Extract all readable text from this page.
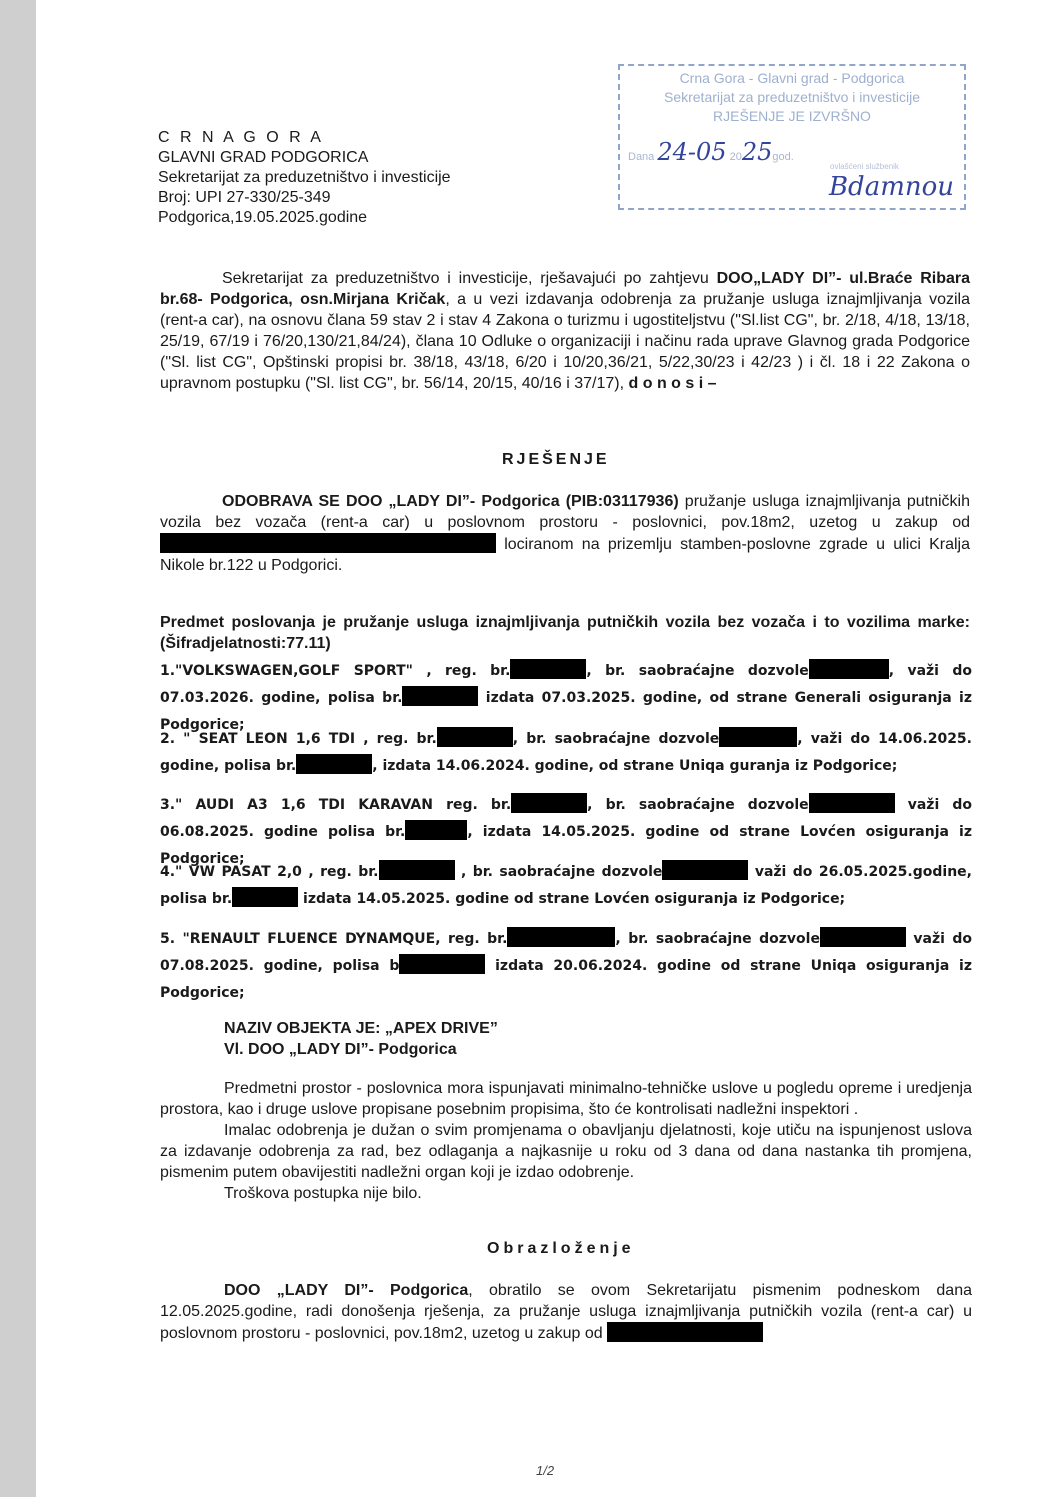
C R N A G O R A
GLAVNI GRAD PODGORICA
Sekretarijat za preduzetništvo i investicije
Broj: UPI 27-330/25-349
Podgorica,19.05.2025.godine
Crna Gora - Glavni grad - Podgorica
Sekretarijat za preduzetništvo i investicije
RJEŠENJE JE IZVRŠNO
Dana 24-05 2025god.
ovlašćeni službenik
Bdamnou
Sekretarijat za preduzetništvo i investicije, rješavajući po zahtjevu DOO„LADY DI”- ul.Braće Ribara br.68- Podgorica, osn.Mirjana Kričak, a u vezi izdavanja odobrenja za pružanje usluga iznajmljivanja vozila (rent-a car), na osnovu člana 59 stav 2 i stav 4 Zakona o turizmu i ugostiteljstvu ("Sl.list CG", br. 2/18, 4/18, 13/18, 25/19, 67/19 i 76/20,130/21,84/24), člana 10 Odluke o organizaciji i načinu rada uprave Glavnog grada Podgorice ("Sl. list CG", Opštinski propisi br. 38/18, 43/18, 6/20 i 10/20,36/21, 5/22,30/23 i 42/23 ) i čl. 18 i 22 Zakona o upravnom postupku ("Sl. list CG", br. 56/14, 20/15, 40/16 i 37/17), d o n o s i –
RJEŠENJE
ODOBRAVA SE DOO „LADY DI”- Podgorica (PIB:03117936) pružanje usluga iznajmljivanja putničkih vozila bez vozača (rent-a car) u poslovnom prostoru - poslovnici, pov.18m2, uzetog u zakup od  lociranom na prizemlju stamben-poslovne zgrade u ulici Kralja Nikole br.122 u Podgorici.
Predmet poslovanja je pružanje usluga iznajmljivanja putničkih vozila bez vozača i to vozilima marke:(Šifradjelatnosti:77.11)
1."VOLKSWAGEN,GOLF SPORT" , reg. br.	, br. saobraćajne dozvole	, važi do 07.03.2026. godine, polisa br.	izdata 07.03.2025. godine, od strane Generali osiguranja iz Podgorice;
2. " SEAT LEON 1,6 TDI , reg. br.	, br. saobraćajne dozvole	, važi do 14.06.2025. godine, polisa br.	, izdata 14.06.2024. godine, od strane Uniqa guranja iz Podgorice;
3." AUDI A3 1,6 TDI KARAVAN reg. br.	, br. saobraćajne dozvole	važi do 06.08.2025. godine polisa br.	, izdata 14.05.2025. godine od strane Lovćen osiguranja iz Podgorice;
4." VW PASAT 2,0 , reg. br.	, br. saobraćajne dozvole	važi do 26.05.2025.godine, polisa br.	izdata 14.05.2025. godine od strane Lovćen osiguranja iz Podgorice;
5. "RENAULT FLUENCE DYNAMQUE, reg. br.	, br. saobraćajne dozvole	važi do 07.08.2025. godine, polisa b	izdata 20.06.2024. godine od strane Uniqa osiguranja iz Podgorice;
NAZIV OBJEKTA JE: „APEX DRIVE”
Vl. DOO „LADY DI”- Podgorica
Predmetni prostor - poslovnica mora ispunjavati minimalno-tehničke uslove u pogledu opreme i uredjenja prostora, kao i druge uslove propisane posebnim propisima, što će kontrolisati nadležni inspektori .
Imalac odobrenja je dužan o svim promjenama o obavljanju djelatnosti, koje utiču na ispunjenost uslova za izdavanje odobrenja za rad, bez odlaganja a najkasnije u roku od 3 dana od dana nastanka tih promjena, pismenim putem obavijestiti nadležni organ koji je izdao odobrenje.
Troškova postupka nije bilo.
Obrazloženje
DOO „LADY DI”- Podgorica, obratilo se ovom Sekretarijatu pismenim podneskom dana 12.05.2025.godine, radi donošenja rješenja, za pružanje usluga iznajmljivanja putničkih vozila (rent-a car) u poslovnom prostoru - poslovnici, pov.18m2, uzetog u zakup od
1/2
